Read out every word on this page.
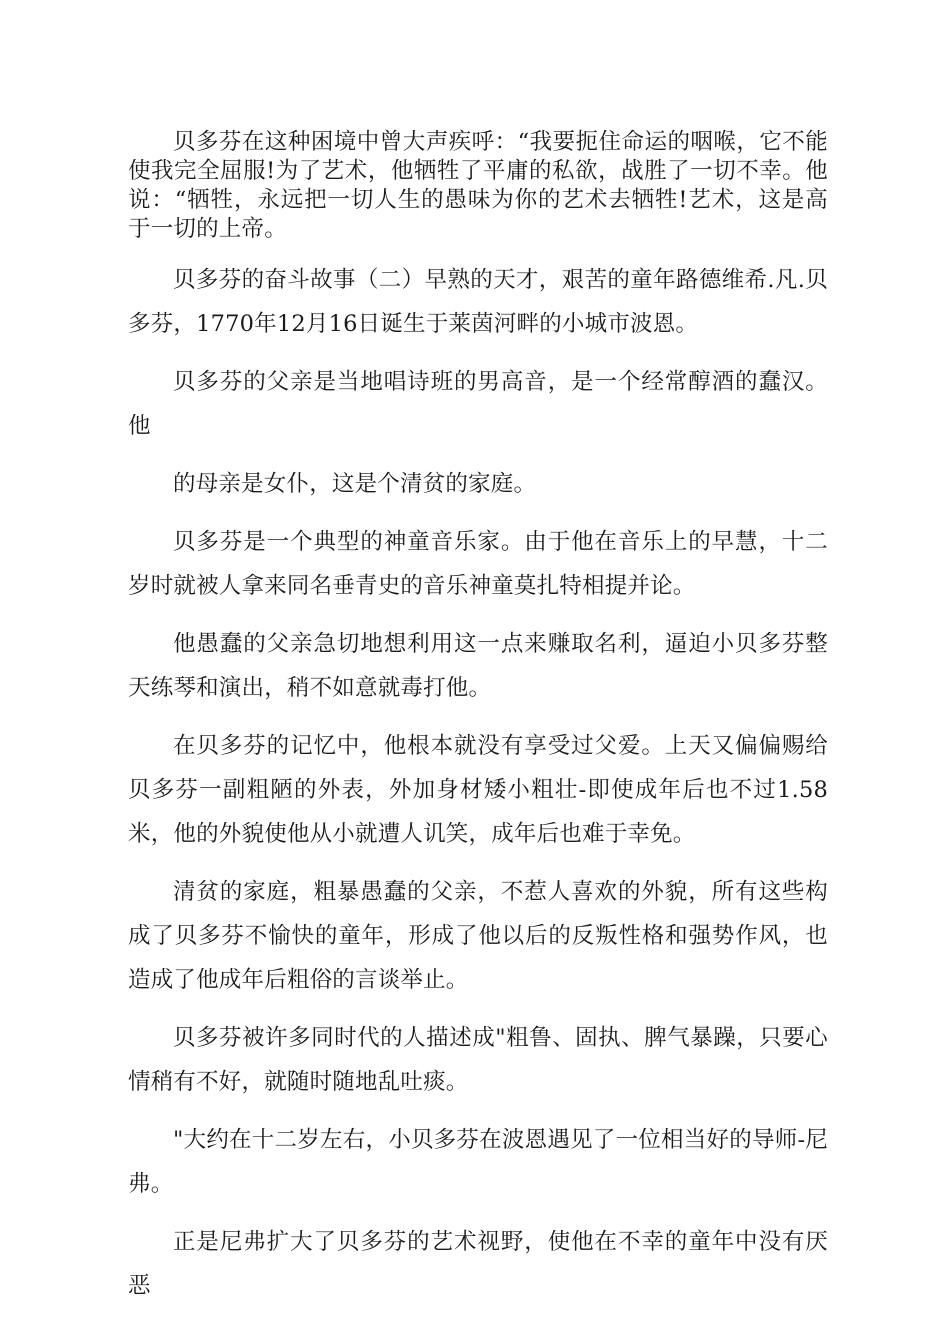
贝多芬在这种困境中曾大声疾呼：“我要扼住命运的咽喉，它不能使我完全屈服!为了艺术，他牺牲了平庸的私欲，战胜了一切不幸。他说：“牺牲，永远把一切人生的愚味为你的艺术去牺牲!艺术，这是高于一切的上帝。

贝多芬的奋斗故事（二）早熟的天才，艰苦的童年路德维希.凡.贝多芬，1770年12月16日诞生于莱茵河畔的小城市波恩。

贝多芬的父亲是当地唱诗班的男高音，是一个经常醇酒的蠢汉。他

的母亲是女仆，这是个清贫的家庭。

贝多芬是一个典型的神童音乐家。由于他在音乐上的早慧，十二岁时就被人拿来同名垂青史的音乐神童莫扎特相提并论。

他愚蠢的父亲急切地想利用这一点来赚取名利，逼迫小贝多芬整天练琴和演出，稍不如意就毒打他。

在贝多芬的记忆中，他根本就没有享受过父爱。上天又偏偏赐给贝多芬一副粗陋的外表，外加身材矮小粗壮-即使成年后也不过1.58米，他的外貌使他从小就遭人讥笑，成年后也难于幸免。

清贫的家庭，粗暴愚蠢的父亲，不惹人喜欢的外貌，所有这些构成了贝多芬不愉快的童年，形成了他以后的反叛性格和强势作风，也造成了他成年后粗俗的言谈举止。

贝多芬被许多同时代的人描述成"粗鲁、固执、脾气暴躁，只要心情稍有不好，就随时随地乱吐痰。

"大约在十二岁左右，小贝多芬在波恩遇见了一位相当好的导师-尼弗。

正是尼弗扩大了贝多芬的艺术视野，使他在不幸的童年中没有厌恶
